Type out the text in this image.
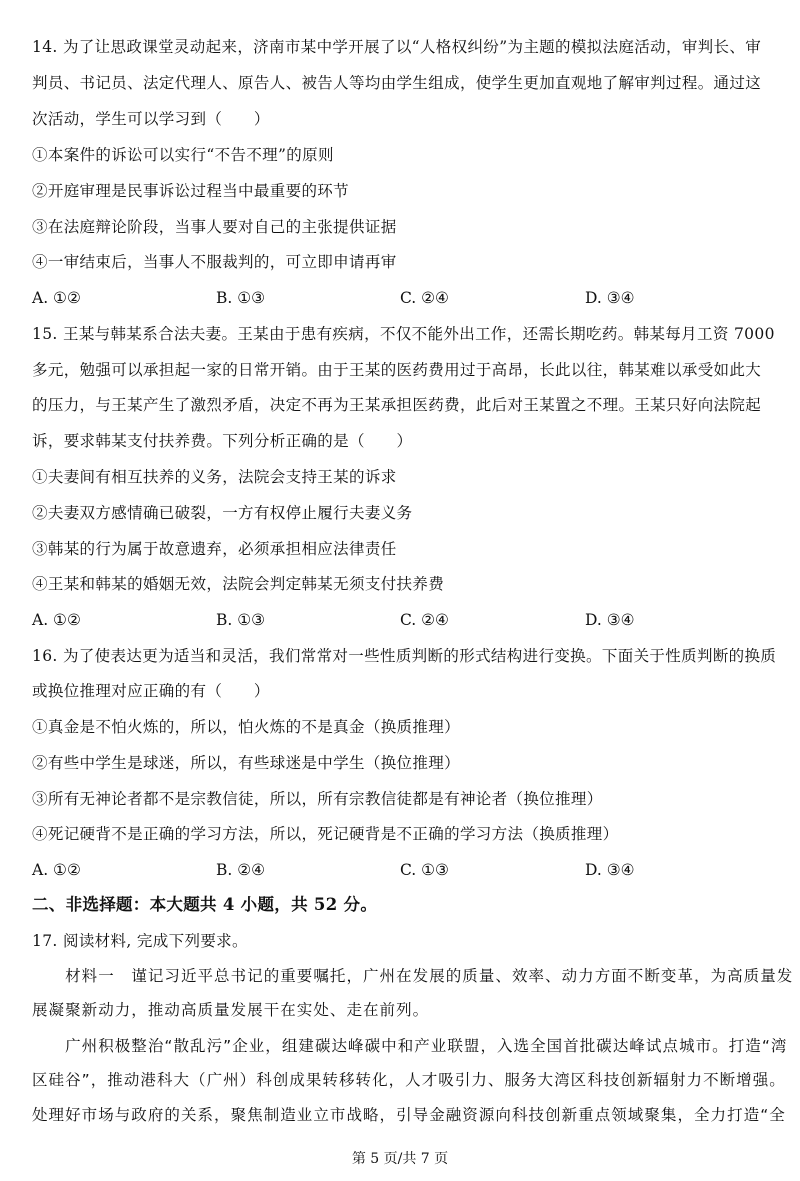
14. 为了让思政课堂灵动起来，济南市某中学开展了以“人格权纠纷”为主题的模拟法庭活动，审判长、审
判员、书记员、法定代理人、原告人、被告人等均由学生组成，使学生更加直观地了解审判过程。通过这
次活动，学生可以学习到（　　）
①本案件的诉讼可以实行“不告不理”的原则
②开庭审理是民事诉讼过程当中最重要的环节
③在法庭辩论阶段，当事人要对自己的主张提供证据
④一审结束后，当事人不服裁判的，可立即申请再审
A. ①②	B. ①③	C. ②④	D. ③④
15. 王某与韩某系合法夫妻。王某由于患有疾病，不仅不能外出工作，还需长期吃药。韩某每月工资 7000
多元，勉强可以承担起一家的日常开销。由于王某的医药费用过于高昂，长此以往，韩某难以承受如此大
的压力，与王某产生了激烈矛盾，决定不再为王某承担医药费，此后对王某置之不理。王某只好向法院起
诉，要求韩某支付扶养费。下列分析正确的是（　　）
①夫妻间有相互扶养的义务，法院会支持王某的诉求
②夫妻双方感情确已破裂，一方有权停止履行夫妻义务
③韩某的行为属于故意遗弃，必须承担相应法律责任
④王某和韩某的婚姻无效，法院会判定韩某无须支付扶养费
A. ①②	B. ①③	C. ②④	D. ③④
16. 为了使表达更为适当和灵活，我们常常对一些性质判断的形式结构进行变换。下面关于性质判断的换质
或换位推理对应正确的有（　　）
①真金是不怕火炼的，所以，怕火炼的不是真金（换质推理）
②有些中学生是球迷，所以，有些球迷是中学生（换位推理）
③所有无神论者都不是宗教信徒，所以，所有宗教信徒都是有神论者（换位推理）
④死记硬背不是正确的学习方法，所以，死记硬背是不正确的学习方法（换质推理）
A. ①②	B. ②④	C. ①③	D. ③④
二、非选择题：本大题共 4 小题，共 52 分。
17. 阅读材料, 完成下列要求。
　　材料一　谨记习近平总书记的重要嘱托，广州在发展的质量、效率、动力方面不断变革，为高质量发
展凝聚新动力，推动高质量发展干在实处、走在前列。
　　广州积极整治“散乱污”企业，组建碳达峰碳中和产业联盟，入选全国首批碳达峰试点城市。打造“湾
区硅谷”，推动港科大（广州）科创成果转移转化，人才吸引力、服务大湾区科技创新辐射力不断增强。
处理好市场与政府的关系，聚焦制造业立市战略，引导金融资源向科技创新重点领域聚集，全力打造“全
第 5 页/共 7 页
